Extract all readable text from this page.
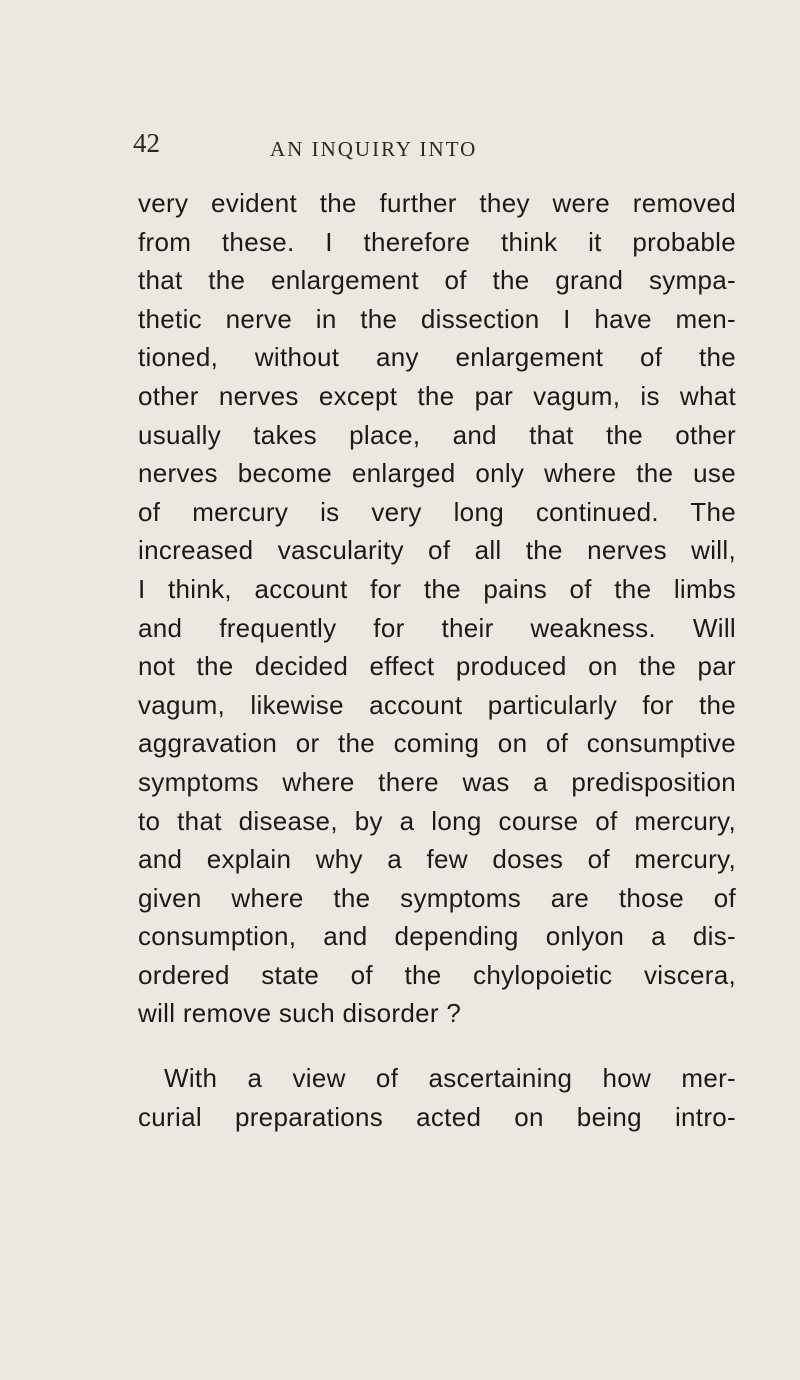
42	AN INQUIRY INTO
very evident the further they were removed
from these. I therefore think it probable
that the enlargement of the grand sympa-
thetic nerve in the dissection I have men-
tioned, without any enlargement of the
other nerves except the par vagum, is what
usually takes place, and that the other
nerves become enlarged only where the use
of mercury is very long continued. The
increased vascularity of all the nerves will,
I think, account for the pains of the limbs
and frequently for their weakness. Will
not the decided effect produced on the par
vagum, likewise account particularly for the
aggravation or the coming on of consumptive
symptoms where there was a predisposition
to that disease, by a long course of mercury,
and explain why a few doses of mercury,
given where the symptoms are those of
consumption, and depending onlyon a dis-
ordered state of the chylopoietic viscera,
will remove such disorder ?
With a view of ascertaining how mer-
curial preparations acted on being intro-
